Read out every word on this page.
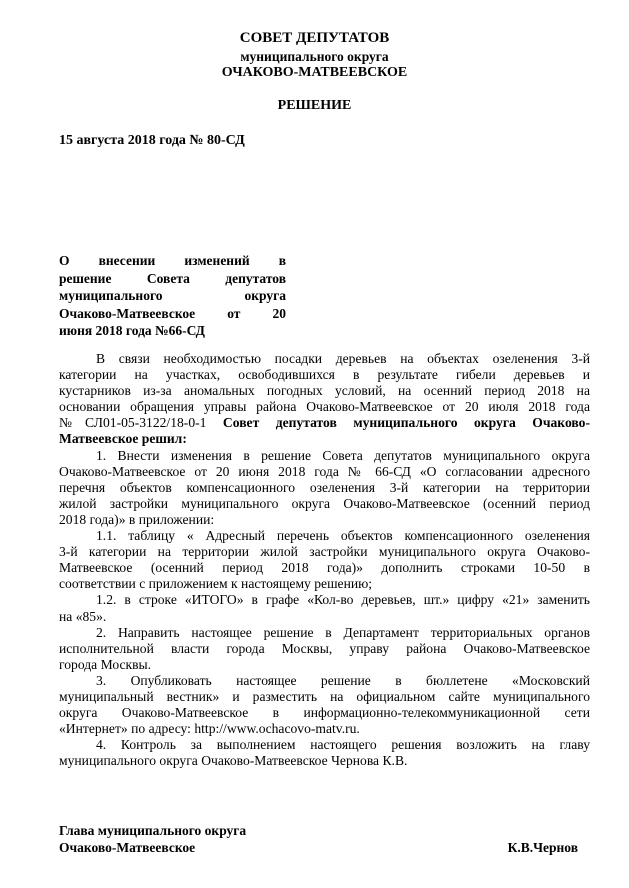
СОВЕТ ДЕПУТАТОВ
муниципального округа
ОЧАКОВО-МАТВЕЕВСКОЕ
РЕШЕНИЕ
15 августа 2018 года № 80-СД
О внесении изменений в
решение Совета депутатов
муниципального округа
Очаково-Матвеевское от 20
июня 2018 года №66-СД
В связи необходимостью посадки деревьев на объектах озеленения 3-й
категории на участках, освободившихся в результате гибели деревьев и
кустарников из-за аномальных погодных условий, на осенний период 2018 на
основании обращения управы района Очаково-Матвеевское от 20 июля 2018 года
№СЛ01-05-3122/18-0-1 Совет депутатов муниципального округа Очаково-
Матвеевское решил:
1. Внести изменения в решение Совета депутатов муниципального округа
Очаково-Матвеевское от 20 июня 2018 года № 66-СД «О согласовании адресного
перечня объектов компенсационного озеленения 3-й категории на территории
жилой застройки муниципального округа Очаково-Матвеевское (осенний период
2018 года)» в приложении:
1.1. таблицу « Адресный перечень объектов компенсационного озеленения
3-й категории на территории жилой застройки муниципального округа Очаково-
Матвеевское (осенний период 2018 года)» дополнить строками 10-50 в
соответствии с приложением к настоящему решению;
1.2. в строке «ИТОГО» в графе «Кол-во деревьев, шт.» цифру «21» заменить
на «85».
2. Направить настоящее решение в Департамент территориальных органов
исполнительной власти города Москвы, управу района Очаково-Матвеевское
города Москвы.
3. Опубликовать настоящее решение в бюллетене «Московский
муниципальный вестник» и разместить на официальном сайте муниципального
округа Очаково-Матвеевское в информационно-телекоммуникационной сети
«Интернет» по адресу: http://www.ochacovo-matv.ru.
4. Контроль за выполнением настоящего решения возложить на главу
муниципального округа Очаково-Матвеевское Чернова К.В.
Глава муниципального округа
Очаково-Матвеевское	К.В.Чернов
